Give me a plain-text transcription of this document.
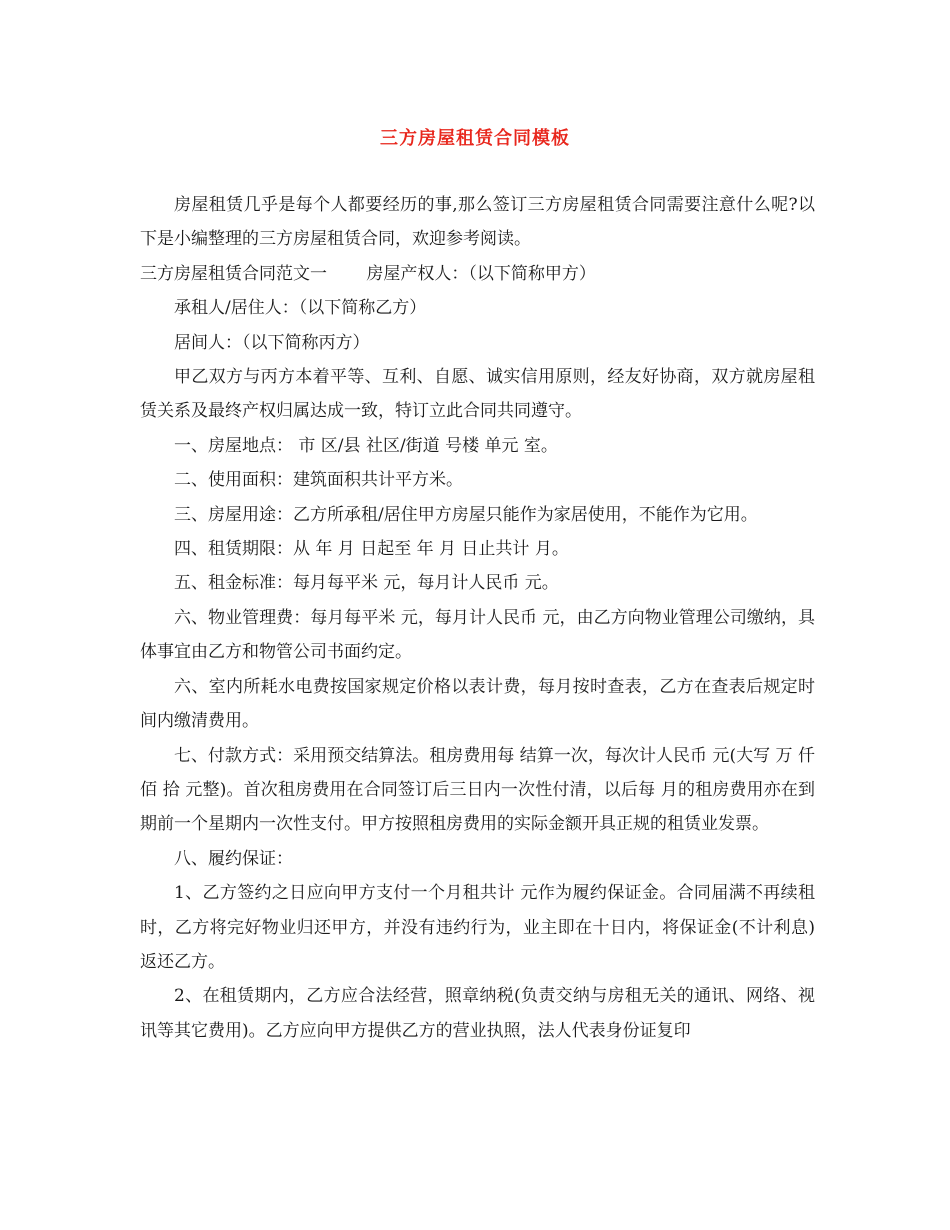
三方房屋租赁合同模板

房屋租赁几乎是每个人都要经历的事,那么签订三方房屋租赁合同需要注意什么呢?以下是小编整理的三方房屋租赁合同，欢迎参考阅读。

三方房屋租赁合同范文一　　 房屋产权人：（以下简称甲方）

承租人/居住人：（以下简称乙方）

居间人：（以下简称丙方）

甲乙双方与丙方本着平等、互利、自愿、诚实信用原则，经友好协商，双方就房屋租赁关系及最终产权归属达成一致，特订立此合同共同遵守。

一、房屋地点： 市 区/县 社区/街道 号楼 单元 室。

二、使用面积：建筑面积共计平方米。

三、房屋用途：乙方所承租/居住甲方房屋只能作为家居使用，不能作为它用。

四、租赁期限：从 年 月 日起至 年 月 日止共计 月。

五、租金标准：每月每平米 元，每月计人民币 元。

六、物业管理费：每月每平米 元，每月计人民币 元，由乙方向物业管理公司缴纳，具体事宜由乙方和物管公司书面约定。

六、室内所耗水电费按国家规定价格以表计费，每月按时查表，乙方在查表后规定时间内缴清费用。

七、付款方式：采用预交结算法。租房费用每 结算一次，每次计人民币 元(大写 万 仟 佰 拾 元整)。首次租房费用在合同签订后三日内一次性付清，以后每 月的租房费用亦在到期前一个星期内一次性支付。甲方按照租房费用的实际金额开具正规的租赁业发票。

八、履约保证：

1、乙方签约之日应向甲方支付一个月租共计 元作为履约保证金。合同届满不再续租时，乙方将完好物业归还甲方，并没有违约行为，业主即在十日内，将保证金(不计利息)返还乙方。

2、在租赁期内，乙方应合法经营，照章纳税(负责交纳与房租无关的通讯、网络、视讯等其它费用)。乙方应向甲方提供乙方的营业执照，法人代表身份证复印
